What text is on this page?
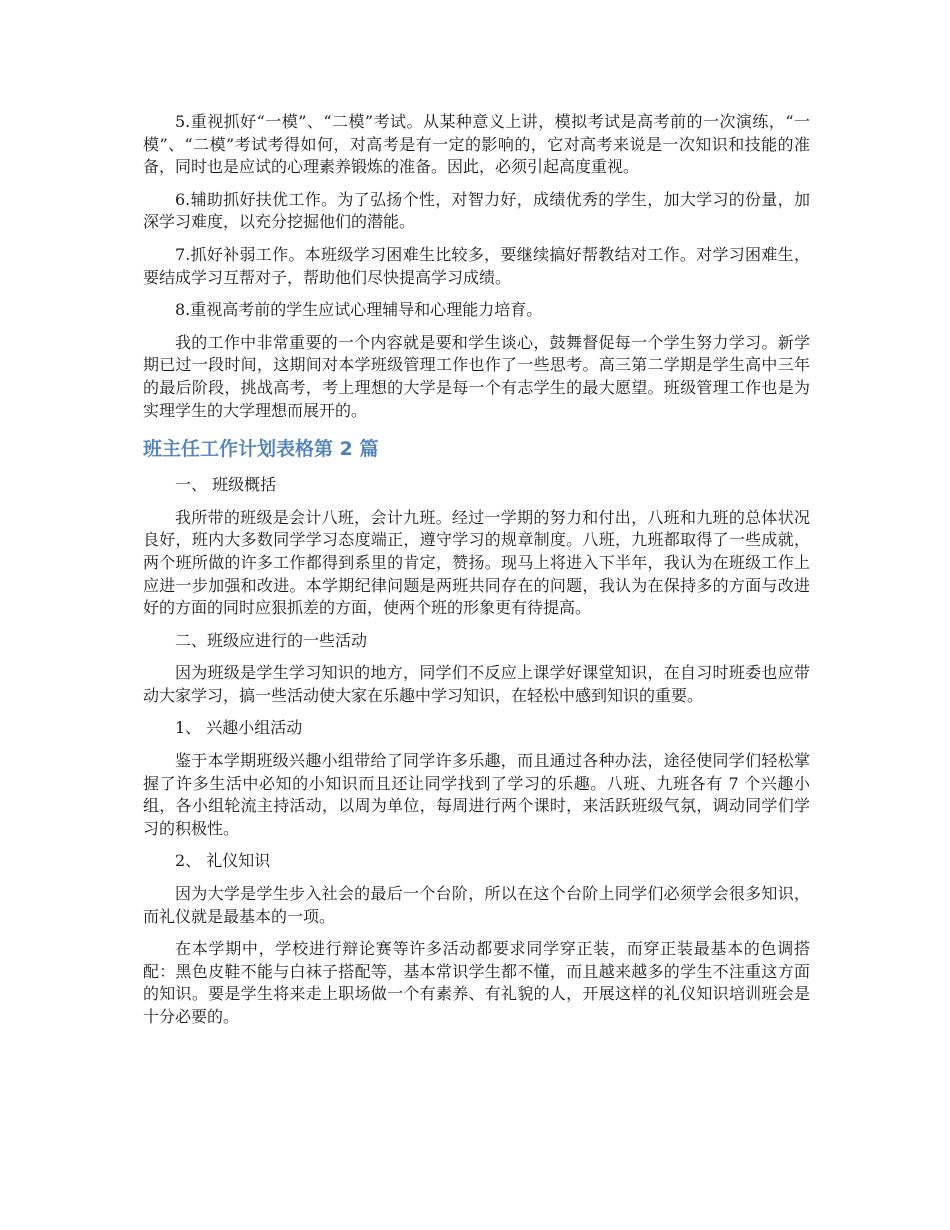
5.重视抓好“一模”、“二模”考试。从某种意义上讲，模拟考试是高考前的一次演练，“一模”、“二模”考试考得如何，对高考是有一定的影响的，它对高考来说是一次知识和技能的准备，同时也是应试的心理素养锻炼的准备。因此，必须引起高度重视。

6.辅助抓好扶优工作。为了弘扬个性，对智力好，成绩优秀的学生，加大学习的份量，加深学习难度，以充分挖掘他们的潜能。

7.抓好补弱工作。本班级学习困难生比较多，要继续搞好帮教结对工作。对学习困难生，要结成学习互帮对子，帮助他们尽快提高学习成绩。

8.重视高考前的学生应试心理辅导和心理能力培育。

我的工作中非常重要的一个内容就是要和学生谈心，鼓舞督促每一个学生努力学习。新学期已过一段时间，这期间对本学班级管理工作也作了一些思考。高三第二学期是学生高中三年的最后阶段，挑战高考，考上理想的大学是每一个有志学生的最大愿望。班级管理工作也是为实理学生的大学理想而展开的。

班主任工作计划表格第 2 篇

一、 班级概括

我所带的班级是会计八班，会计九班。经过一学期的努力和付出，八班和九班的总体状况良好，班内大多数同学学习态度端正，遵守学习的规章制度。八班，九班都取得了一些成就，两个班所做的许多工作都得到系里的肯定，赞扬。现马上将进入下半年，我认为在班级工作上应进一步加强和改进。本学期纪律问题是两班共同存在的问题，我认为在保持多的方面与改进好的方面的同时应狠抓差的方面，使两个班的形象更有待提高。

二、班级应进行的一些活动

因为班级是学生学习知识的地方，同学们不反应上课学好课堂知识，在自习时班委也应带动大家学习，搞一些活动使大家在乐趣中学习知识，在轻松中感到知识的重要。

1、 兴趣小组活动

鉴于本学期班级兴趣小组带给了同学许多乐趣，而且通过各种办法，途径使同学们轻松掌握了许多生活中必知的小知识而且还让同学找到了学习的乐趣。八班、九班各有 7 个兴趣小组，各小组轮流主持活动，以周为单位，每周进行两个课时，来活跃班级气氛，调动同学们学习的积极性。

2、 礼仪知识

因为大学是学生步入社会的最后一个台阶，所以在这个台阶上同学们必须学会很多知识，而礼仪就是最基本的一项。

在本学期中，学校进行辩论赛等许多活动都要求同学穿正装，而穿正装最基本的色调搭配：黑色皮鞋不能与白袜子搭配等，基本常识学生都不懂，而且越来越多的学生不注重这方面的知识。要是学生将来走上职场做一个有素养、有礼貌的人，开展这样的礼仪知识培训班会是十分必要的。
